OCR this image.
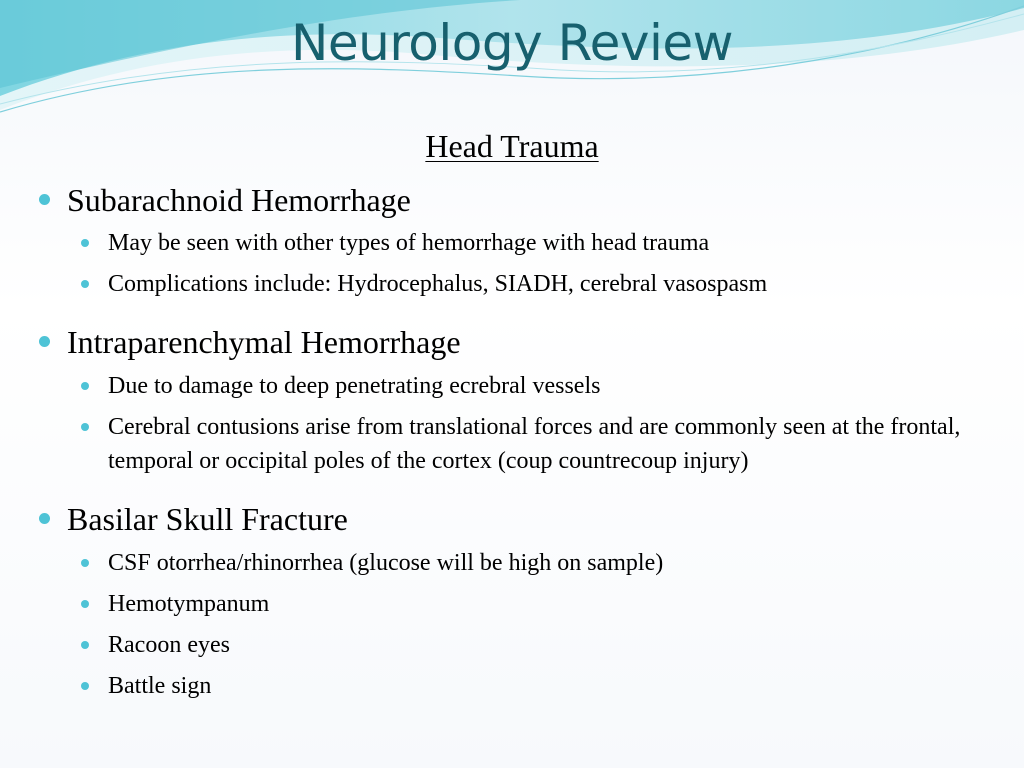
Neurology Review
Head Trauma
Subarachnoid Hemorrhage
May be seen with other types of hemorrhage with head trauma
Complications include: Hydrocephalus, SIADH, cerebral vasospasm
Intraparenchymal Hemorrhage
Due to damage to deep penetrating ecrebral vessels
Cerebral contusions arise from translational forces and are commonly seen at the frontal, temporal or occipital poles of the cortex (coup countrecoup injury)
Basilar Skull Fracture
CSF otorrhea/rhinorrhea (glucose will be high on sample)
Hemotympanum
Racoon eyes
Battle sign
